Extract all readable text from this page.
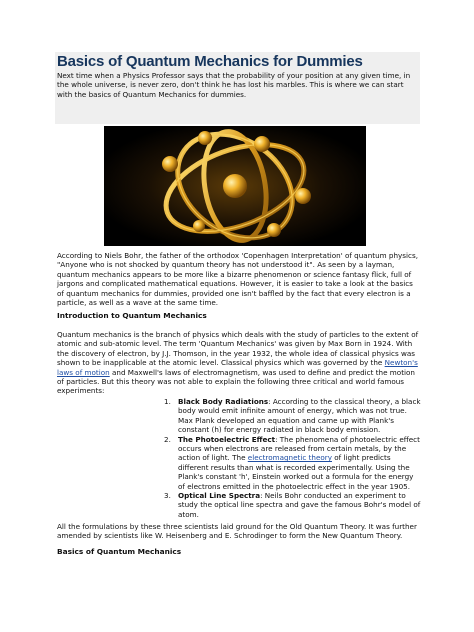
Basics of Quantum Mechanics for Dummies
Next time when a Physics Professor says that the probability of your position at any given time, in the whole universe, is never zero, don't think he has lost his marbles. This is where we can start with the basics of Quantum Mechanics for dummies.
According to Niels Bohr, the father of the orthodox 'Copenhagen Interpretation' of quantum physics, "Anyone who is not shocked by quantum theory has not understood it". As seen by a layman, quantum mechanics appears to be more like a bizarre phenomenon or science fantasy flick, full of jargons and complicated mathematical equations. However, it is easier to take a look at the basics of quantum mechanics for dummies, provided one isn't baffled by the fact that every electron is a particle, as well as a wave at the same time.
Introduction to Quantum Mechanics
Quantum mechanics is the branch of physics which deals with the study of particles to the extent of atomic and sub-atomic level. The term 'Quantum Mechanics' was given by Max Born in 1924. With the discovery of electron, by J.J. Thomson, in the year 1932, the whole idea of classical physics was shown to be inapplicable at the atomic level. Classical physics which was governed by the Newton's laws of motion and Maxwell's laws of electromagnetism, was used to define and predict the motion of particles. But this theory was not able to explain the following three critical and world famous experiments:
1. Black Body Radiations: According to the classical theory, a black body would emit infinite amount of energy, which was not true. Max Plank developed an equation and came up with Plank's constant (h) for energy radiated in black body emission.
2. The Photoelectric Effect: The phenomena of photoelectric effect occurs when electrons are released from certain metals, by the action of light. The electromagnetic theory of light predicts different results than what is recorded experimentally. Using the Plank's constant 'h', Einstein worked out a formula for the energy of electrons emitted in the photoelectric effect in the year 1905.
3. Optical Line Spectra: Neils Bohr conducted an experiment to study the optical line spectra and gave the famous Bohr's model of atom.
All the formulations by these three scientists laid ground for the Old Quantum Theory. It was further amended by scientists like W. Heisenberg and E. Schrodinger to form the New Quantum Theory.
Basics of Quantum Mechanics
